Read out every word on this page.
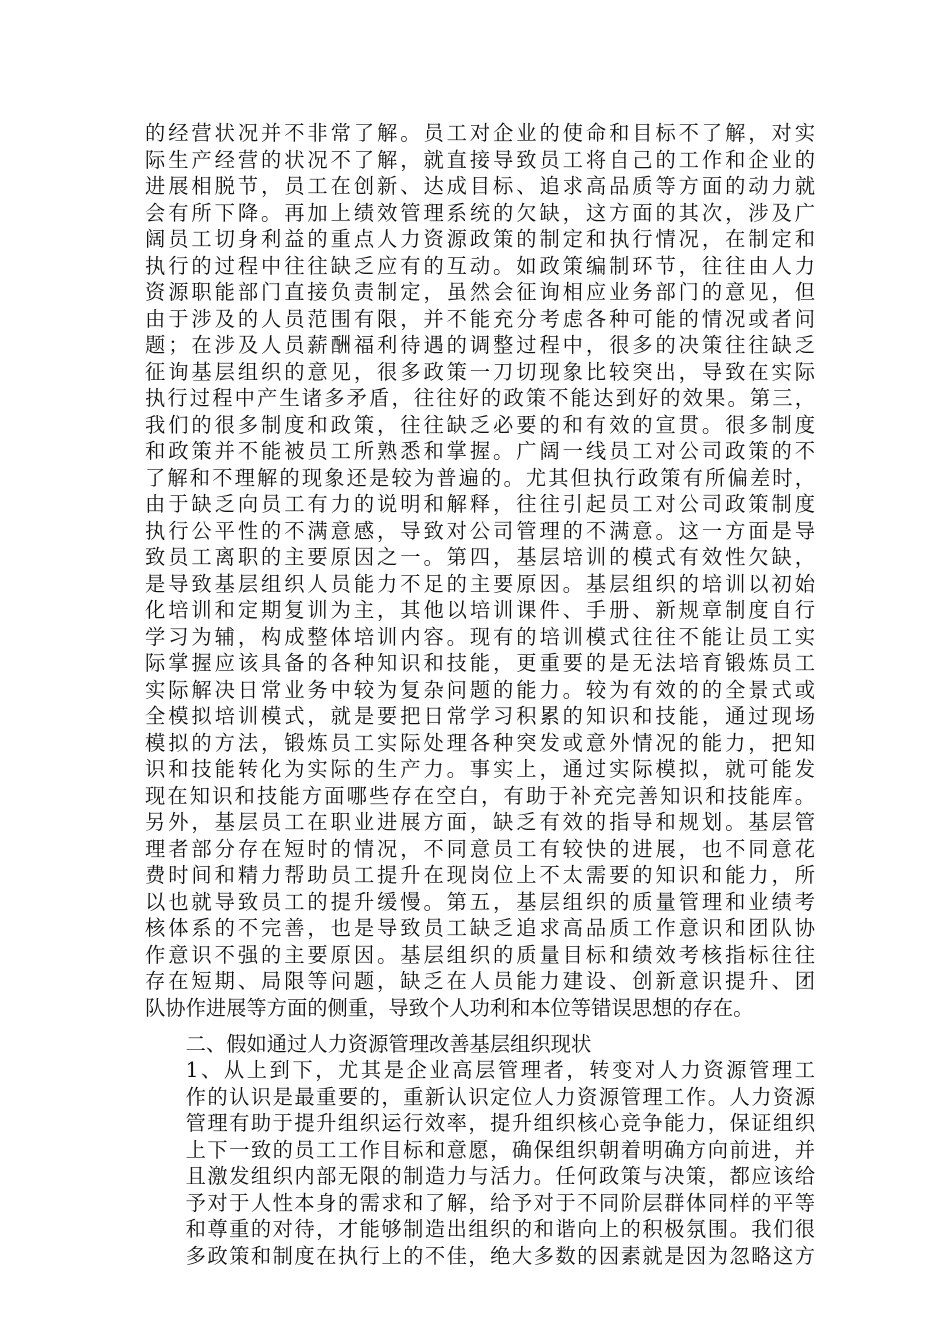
的经营状况并不非常了解。员工对企业的使命和目标不了解，对实
际生产经营的状况不了解，就直接导致员工将自己的工作和企业的
进展相脱节，员工在创新、达成目标、追求高品质等方面的动力就
会有所下降。再加上绩效管理系统的欠缺，这方面的其次，涉及广
阔员工切身利益的重点人力资源政策的制定和执行情况，在制定和
执行的过程中往往缺乏应有的互动。如政策编制环节，往往由人力
资源职能部门直接负责制定，虽然会征询相应业务部门的意见，但
由于涉及的人员范围有限，并不能充分考虑各种可能的情况或者问
题；在涉及人员薪酬福利待遇的调整过程中，很多的决策往往缺乏
征询基层组织的意见，很多政策一刀切现象比较突出，导致在实际
执行过程中产生诸多矛盾，往往好的政策不能达到好的效果。第三，
我们的很多制度和政策，往往缺乏必要的和有效的宣贯。很多制度
和政策并不能被员工所熟悉和掌握。广阔一线员工对公司政策的不
了解和不理解的现象还是较为普遍的。尤其但执行政策有所偏差时，
由于缺乏向员工有力的说明和解释，往往引起员工对公司政策制度
执行公平性的不满意感，导致对公司管理的不满意。这一方面是导
致员工离职的主要原因之一。第四，基层培训的模式有效性欠缺，
是导致基层组织人员能力不足的主要原因。基层组织的培训以初始
化培训和定期复训为主，其他以培训课件、手册、新规章制度自行
学习为辅，构成整体培训内容。现有的培训模式往往不能让员工实
际掌握应该具备的各种知识和技能，更重要的是无法培育锻炼员工
实际解决日常业务中较为复杂问题的能力。较为有效的的全景式或
全模拟培训模式，就是要把日常学习积累的知识和技能，通过现场
模拟的方法，锻炼员工实际处理各种突发或意外情况的能力，把知
识和技能转化为实际的生产力。事实上，通过实际模拟，就可能发
现在知识和技能方面哪些存在空白，有助于补充完善知识和技能库。
另外，基层员工在职业进展方面，缺乏有效的指导和规划。基层管
理者部分存在短时的情况，不同意员工有较快的进展，也不同意花
费时间和精力帮助员工提升在现岗位上不太需要的知识和能力，所
以也就导致员工的提升缓慢。第五，基层组织的质量管理和业绩考
核体系的不完善，也是导致员工缺乏追求高品质工作意识和团队协
作意识不强的主要原因。基层组织的质量目标和绩效考核指标往往
存在短期、局限等问题，缺乏在人员能力建设、创新意识提升、团
队协作进展等方面的侧重，导致个人功利和本位等错误思想的存在。
二、假如通过人力资源管理改善基层组织现状
1、从上到下，尤其是企业高层管理者，转变对人力资源管理工
作的认识是最重要的，重新认识定位人力资源管理工作。人力资源
管理有助于提升组织运行效率，提升组织核心竞争能力，保证组织
上下一致的员工工作目标和意愿，确保组织朝着明确方向前进，并
且激发组织内部无限的制造力与活力。任何政策与决策，都应该给
予对于人性本身的需求和了解，给予对于不同阶层群体同样的平等
和尊重的对待，才能够制造出组织的和谐向上的积极氛围。我们很
多政策和制度在执行上的不佳，绝大多数的因素就是因为忽略这方
